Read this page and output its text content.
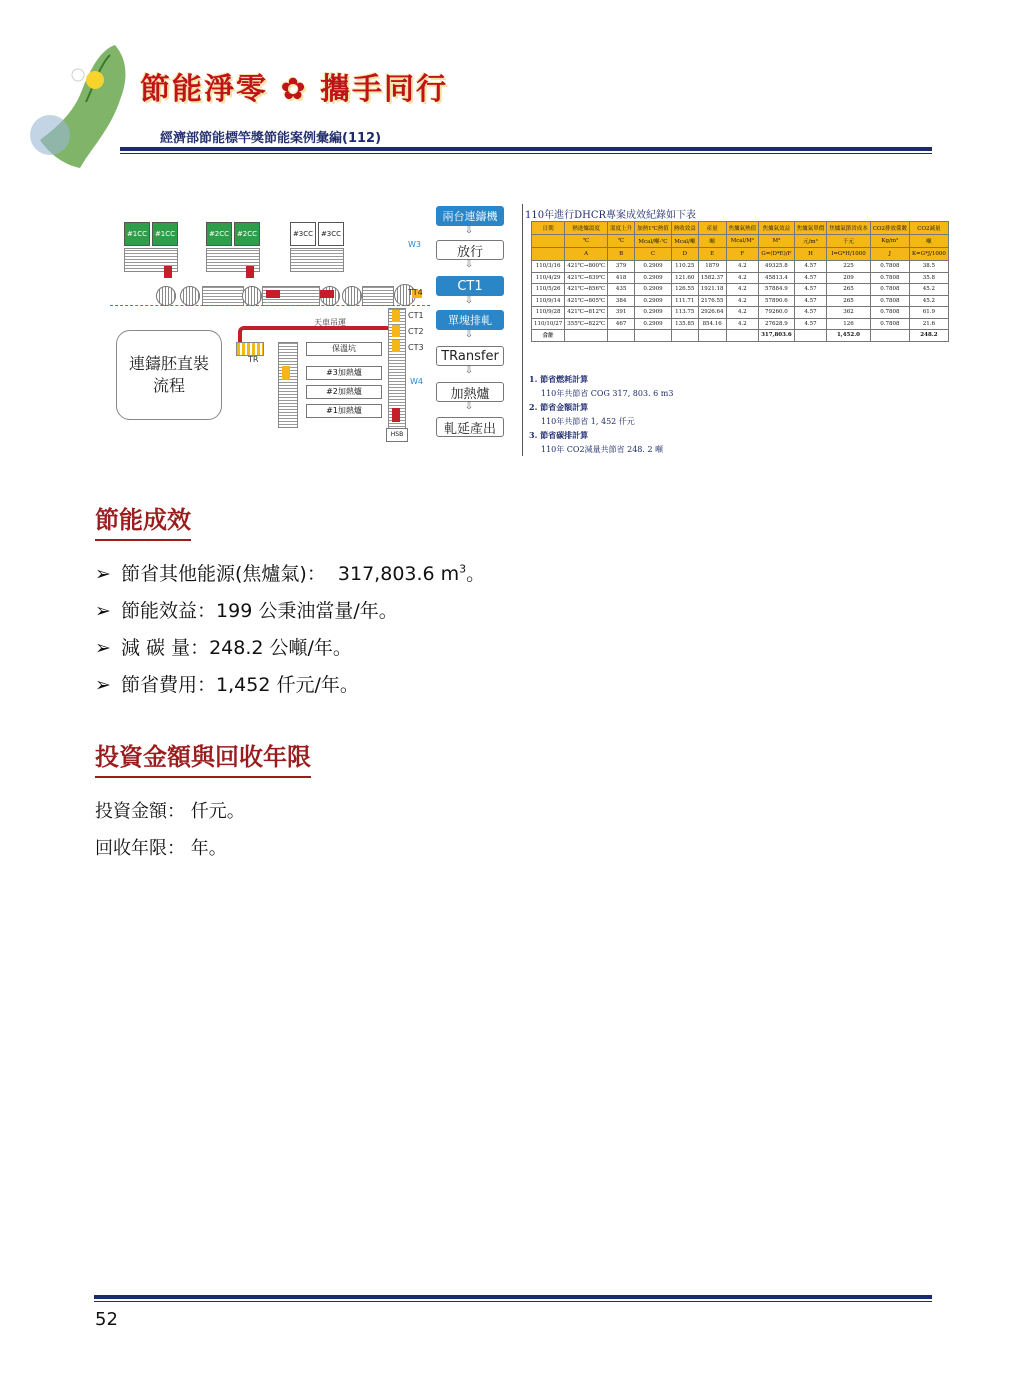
節能淨零 ✿ 攜手同行
經濟部節能標竿獎節能案例彙編(112)
#1CC	#1CC	#2CC	#2CC	#3CC	#3CC
W3
TT4
天車吊運
TR
CT1
CT2
CT3
W4
保溫坑
#3加熱爐
#2加熱爐
#1加熱爐
HSB
連鑄胚直裝流程
兩台連鑄機
⇩
放行
⇩
CT1
⇩
單塊排軋
⇩
TRansfer
⇩
加熱爐
⇩
軋延產出
110年進行DHCR專案成效紀錄如下表
日期	熱進爐溫度	溫度上升	加熱1℃熱值	熱收效益	產量	焦爐氣熱值	焦爐氣效益	焦爐氣單價	焦爐氣節省成本	CO2排放係數	CO2減量
	℃	℃	Mcal/噸-℃	Mcal/噸	噸	Mcal/M³	M³	元/m³	千元	Kg/m³	噸
	A	B	C	D	E	F	G=(D*E)/F	H	I=G*H/1000	J	K=G*J/1000
110/3/16	421℃→800℃	379	0.2909	110.25	1879	4.2	49325.8	4.57	225	0.7808	38.5
110/4/29	421℃→839℃	418	0.2909	121.60	1582.37	4.2	45813.4	4.57	209	0.7808	35.8
110/5/26	421℃→856℃	435	0.2909	126.55	1921.18	4.2	57884.9	4.57	265	0.7808	45.2
110/9/14	421℃→805℃	384	0.2909	111.71	2176.55	4.2	57890.6	4.57	265	0.7808	45.2
110/9/28	421℃→812℃	391	0.2909	113.75	2926.64	4.2	79260.0	4.57	362	0.7808	61.9
110/10/27	355℃→822℃	467	0.2909	135.85	854.16	4.2	27628.9	4.57	126	0.7808	21.6
合計							317,803.6		1,452.0		248.2
1. 節省燃耗計算
110年共節省 COG 317, 803. 6 m3
2. 節省金額計算
110年共節省 1, 452 仟元
3. 節省碳排計算
110年 CO2減量共節省 248. 2 噸
節能成效
➢ 節省其他能源(焦爐氣)： 317,803.6 $m^3$。
➢ 節能效益：199 公秉油當量/年。
➢ 減 碳 量：248.2 公噸/年。
➢ 節省費用：1,452 仟元/年。
投資金額與回收年限
投資金額： 仟元。
回收年限： 年。
52
